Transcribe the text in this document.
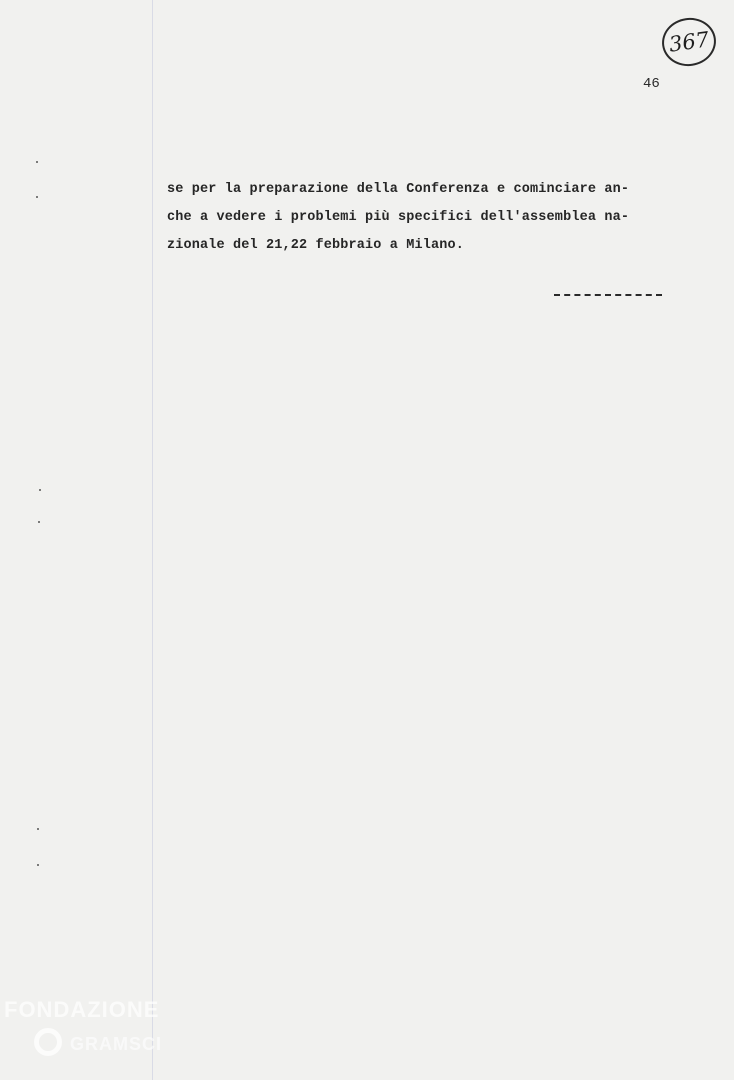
367
46
se per la preparazione della Conferenza e cominciare an-
che a vedere i problemi più specifici dell'assemblea na-
zionale del 21,22 febbraio a Milano.
FONDAZIONE
GRAMSCI
